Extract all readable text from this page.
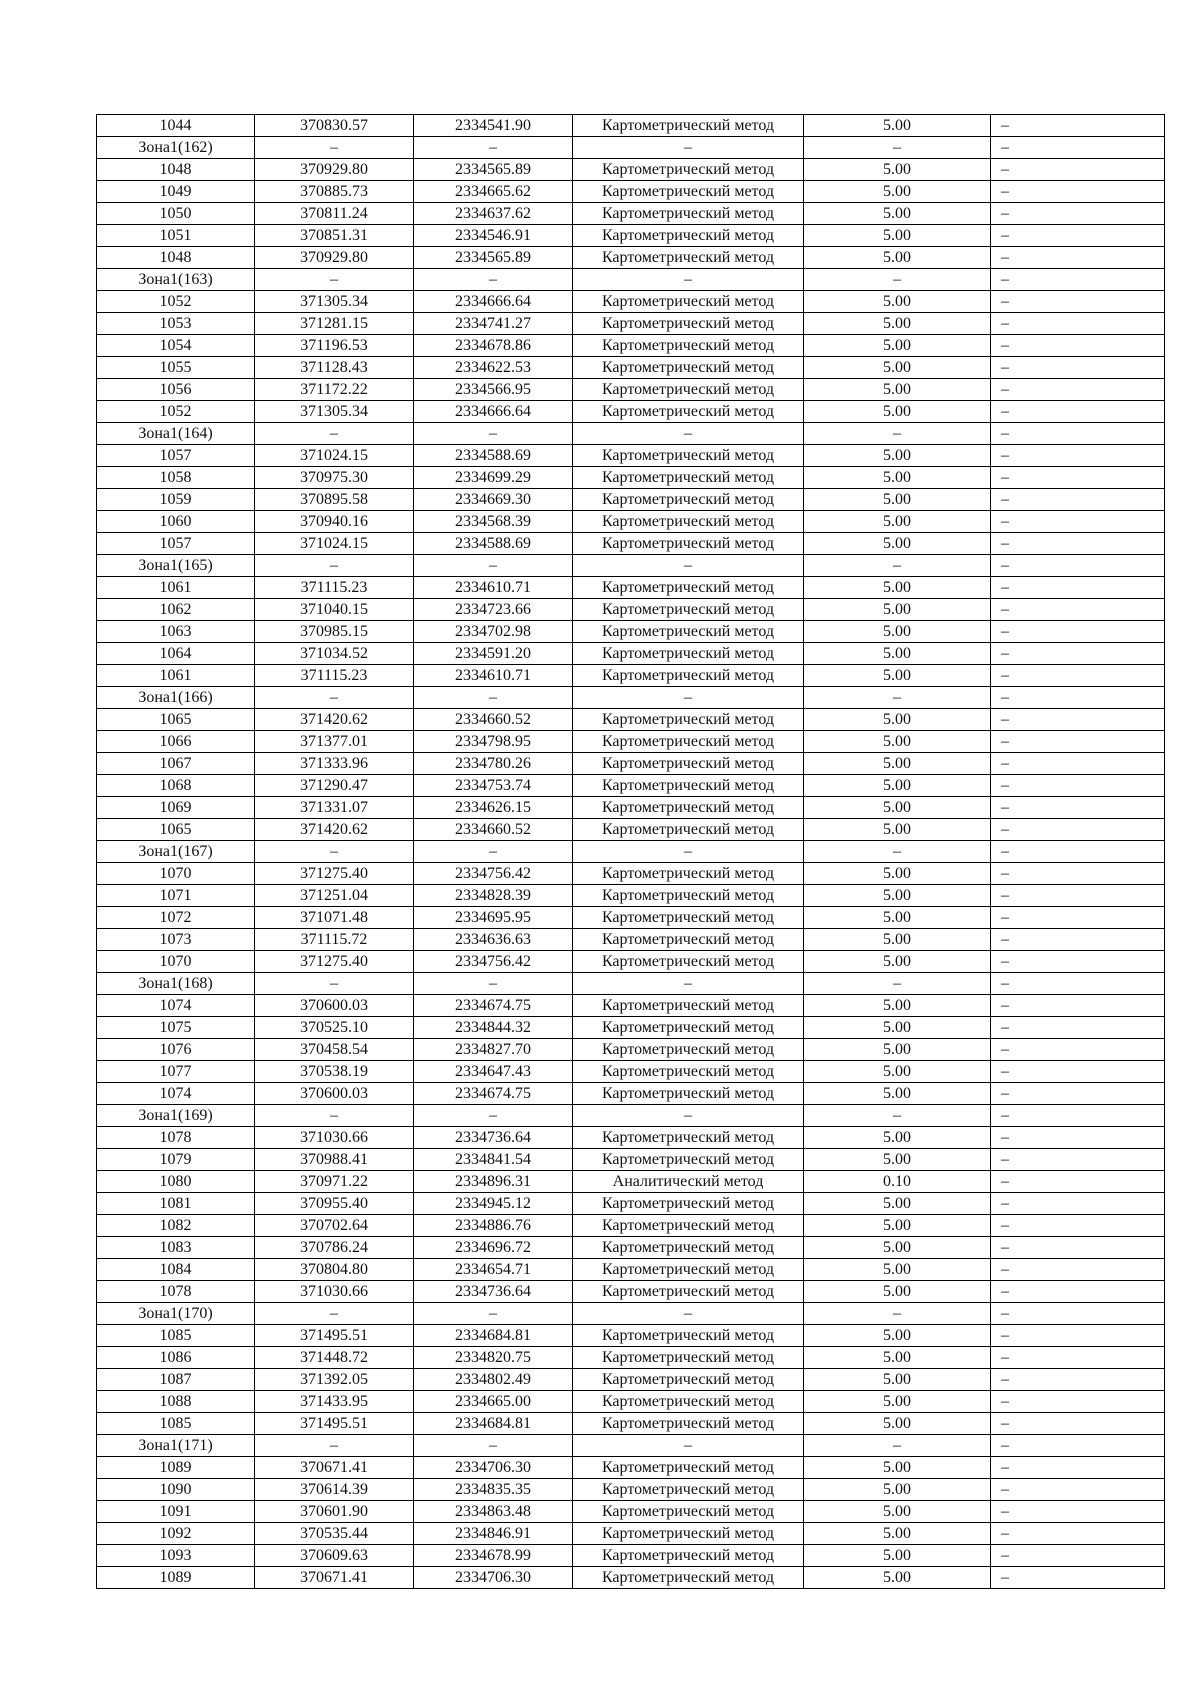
1044	370830.57	2334541.90	Картометрический метод	5.00	–
Зона1(162)	–	–	–	–	–
1048	370929.80	2334565.89	Картометрический метод	5.00	–
1049	370885.73	2334665.62	Картометрический метод	5.00	–
1050	370811.24	2334637.62	Картометрический метод	5.00	–
1051	370851.31	2334546.91	Картометрический метод	5.00	–
1048	370929.80	2334565.89	Картометрический метод	5.00	–
Зона1(163)	–	–	–	–	–
1052	371305.34	2334666.64	Картометрический метод	5.00	–
1053	371281.15	2334741.27	Картометрический метод	5.00	–
1054	371196.53	2334678.86	Картометрический метод	5.00	–
1055	371128.43	2334622.53	Картометрический метод	5.00	–
1056	371172.22	2334566.95	Картометрический метод	5.00	–
1052	371305.34	2334666.64	Картометрический метод	5.00	–
Зона1(164)	–	–	–	–	–
1057	371024.15	2334588.69	Картометрический метод	5.00	–
1058	370975.30	2334699.29	Картометрический метод	5.00	–
1059	370895.58	2334669.30	Картометрический метод	5.00	–
1060	370940.16	2334568.39	Картометрический метод	5.00	–
1057	371024.15	2334588.69	Картометрический метод	5.00	–
Зона1(165)	–	–	–	–	–
1061	371115.23	2334610.71	Картометрический метод	5.00	–
1062	371040.15	2334723.66	Картометрический метод	5.00	–
1063	370985.15	2334702.98	Картометрический метод	5.00	–
1064	371034.52	2334591.20	Картометрический метод	5.00	–
1061	371115.23	2334610.71	Картометрический метод	5.00	–
Зона1(166)	–	–	–	–	–
1065	371420.62	2334660.52	Картометрический метод	5.00	–
1066	371377.01	2334798.95	Картометрический метод	5.00	–
1067	371333.96	2334780.26	Картометрический метод	5.00	–
1068	371290.47	2334753.74	Картометрический метод	5.00	–
1069	371331.07	2334626.15	Картометрический метод	5.00	–
1065	371420.62	2334660.52	Картометрический метод	5.00	–
Зона1(167)	–	–	–	–	–
1070	371275.40	2334756.42	Картометрический метод	5.00	–
1071	371251.04	2334828.39	Картометрический метод	5.00	–
1072	371071.48	2334695.95	Картометрический метод	5.00	–
1073	371115.72	2334636.63	Картометрический метод	5.00	–
1070	371275.40	2334756.42	Картометрический метод	5.00	–
Зона1(168)	–	–	–	–	–
1074	370600.03	2334674.75	Картометрический метод	5.00	–
1075	370525.10	2334844.32	Картометрический метод	5.00	–
1076	370458.54	2334827.70	Картометрический метод	5.00	–
1077	370538.19	2334647.43	Картометрический метод	5.00	–
1074	370600.03	2334674.75	Картометрический метод	5.00	–
Зона1(169)	–	–	–	–	–
1078	371030.66	2334736.64	Картометрический метод	5.00	–
1079	370988.41	2334841.54	Картометрический метод	5.00	–
1080	370971.22	2334896.31	Аналитический метод	0.10	–
1081	370955.40	2334945.12	Картометрический метод	5.00	–
1082	370702.64	2334886.76	Картометрический метод	5.00	–
1083	370786.24	2334696.72	Картометрический метод	5.00	–
1084	370804.80	2334654.71	Картометрический метод	5.00	–
1078	371030.66	2334736.64	Картометрический метод	5.00	–
Зона1(170)	–	–	–	–	–
1085	371495.51	2334684.81	Картометрический метод	5.00	–
1086	371448.72	2334820.75	Картометрический метод	5.00	–
1087	371392.05	2334802.49	Картометрический метод	5.00	–
1088	371433.95	2334665.00	Картометрический метод	5.00	–
1085	371495.51	2334684.81	Картометрический метод	5.00	–
Зона1(171)	–	–	–	–	–
1089	370671.41	2334706.30	Картометрический метод	5.00	–
1090	370614.39	2334835.35	Картометрический метод	5.00	–
1091	370601.90	2334863.48	Картометрический метод	5.00	–
1092	370535.44	2334846.91	Картометрический метод	5.00	–
1093	370609.63	2334678.99	Картометрический метод	5.00	–
1089	370671.41	2334706.30	Картометрический метод	5.00	–
